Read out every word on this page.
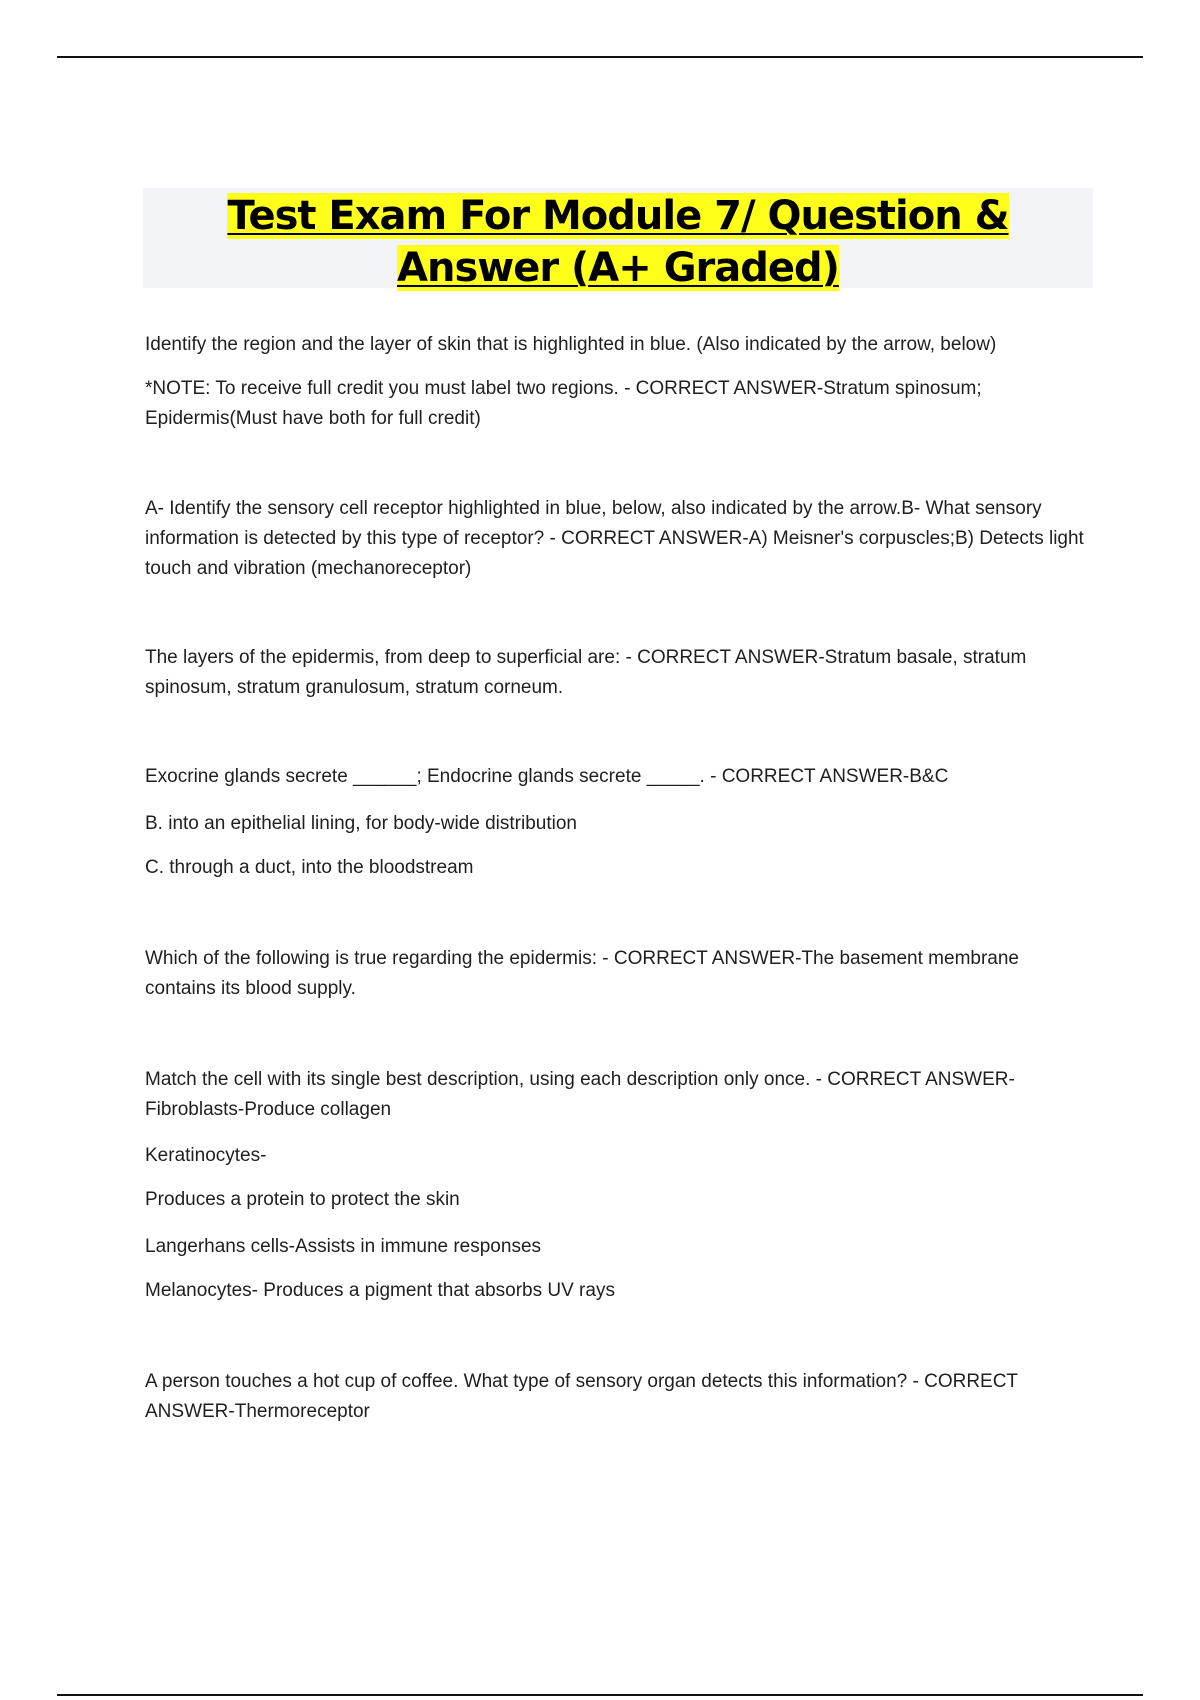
Test Exam For Module 7/ Question &
Answer (A+ Graded)

Identify the region and the layer of skin that is highlighted in blue. (Also indicated by the arrow, below)

*NOTE: To receive full credit you must label two regions. - CORRECT ANSWER-Stratum spinosum; Epidermis(Must have both for full credit)

A- Identify the sensory cell receptor highlighted in blue, below, also indicated by the arrow.B- What sensory information is detected by this type of receptor? - CORRECT ANSWER-A) Meisner's corpuscles;B) Detects light touch and vibration (mechanoreceptor)

The layers of the epidermis, from deep to superficial are: - CORRECT ANSWER-Stratum basale, stratum spinosum, stratum granulosum, stratum corneum.

Exocrine glands secrete ______; Endocrine glands secrete _____. - CORRECT ANSWER-B&C

B. into an epithelial lining, for body-wide distribution

C. through a duct, into the bloodstream

Which of the following is true regarding the epidermis: - CORRECT ANSWER-The basement membrane contains its blood supply.

Match the cell with its single best description, using each description only once. - CORRECT ANSWER-Fibroblasts-Produce collagen

Keratinocytes-

Produces a protein to protect the skin

Langerhans cells-Assists in immune responses

Melanocytes- Produces a pigment that absorbs UV rays

A person touches a hot cup of coffee. What type of sensory organ detects this information? - CORRECT ANSWER-Thermoreceptor
